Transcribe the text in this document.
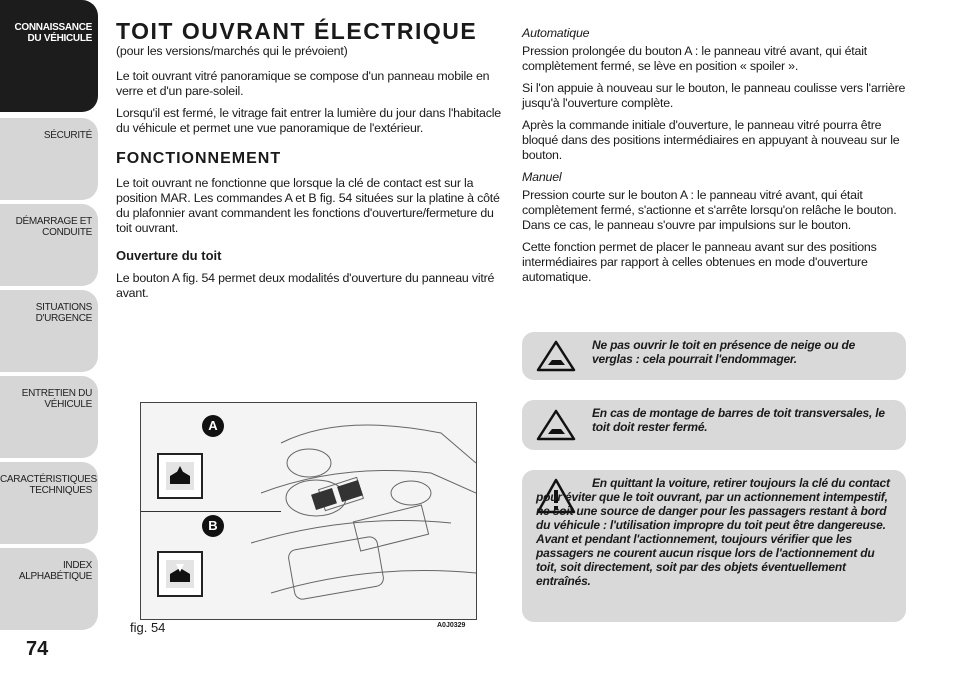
CONNAISSANCE DU VÉHICULE
SÉCURITÉ
DÉMARRAGE ET CONDUITE
SITUATIONS D'URGENCE
ENTRETIEN DU VÉHICULE
CARACTÉRISTIQUES TECHNIQUES
INDEX ALPHABÉTIQUE
74
TOIT OUVRANT ÉLECTRIQUE

(pour les versions/marchés qui le prévoient)

Le toit ouvrant vitré panoramique se compose d'un panneau mobile en verre et d'un pare-soleil.

Lorsqu'il est fermé, le vitrage fait entrer la lumière du jour dans l'habitacle du véhicule et permet une vue panoramique de l'extérieur.

FONCTIONNEMENT

Le toit ouvrant ne fonctionne que lorsque la clé de contact est sur la position MAR. Les commandes A et B fig. 54 situées sur la platine à côté du plafonnier avant commandent les fonctions d'ouverture/fermeture du toit ouvrant.

Ouverture du toit

Le bouton A fig. 54 permet deux modalités d'ouverture du panneau vitré avant.

A
B
fig. 54	A0J0329

Automatique

Pression prolongée du bouton A : le panneau vitré avant, qui était complètement fermé, se lève en position « spoiler ».

Si l'on appuie à nouveau sur le bouton, le panneau coulisse vers l'arrière jusqu'à l'ouverture complète.

Après la commande initiale d'ouverture, le panneau vitré pourra être bloqué dans des positions intermédiaires en appuyant à nouveau sur le bouton.

Manuel

Pression courte sur le bouton A : le panneau vitré avant, qui était complètement fermé, s'actionne et s'arrête lorsqu'on relâche le bouton. Dans ce cas, le panneau s'ouvre par impulsions sur le bouton.

Cette fonction permet de placer le panneau avant sur des positions intermédiaires par rapport à celles obtenues en mode d'ouverture automatique.

Ne pas ouvrir le toit en présence de neige ou de verglas : cela pourrait l'endommager.
En cas de montage de barres de toit transversales, le toit doit rester fermé.
En quittant la voiture, retirer toujours la clé du contact pour éviter que le toit ouvrant, par un actionnement intempestif, ne soit une source de danger pour les passagers restant à bord du véhicule : l'utilisation impropre du toit peut être dangereuse. Avant et pendant l'actionnement, toujours vérifier que les passagers ne courent aucun risque lors de l'actionnement du toit, soit directement, soit par des objets éventuellement entraînés.
